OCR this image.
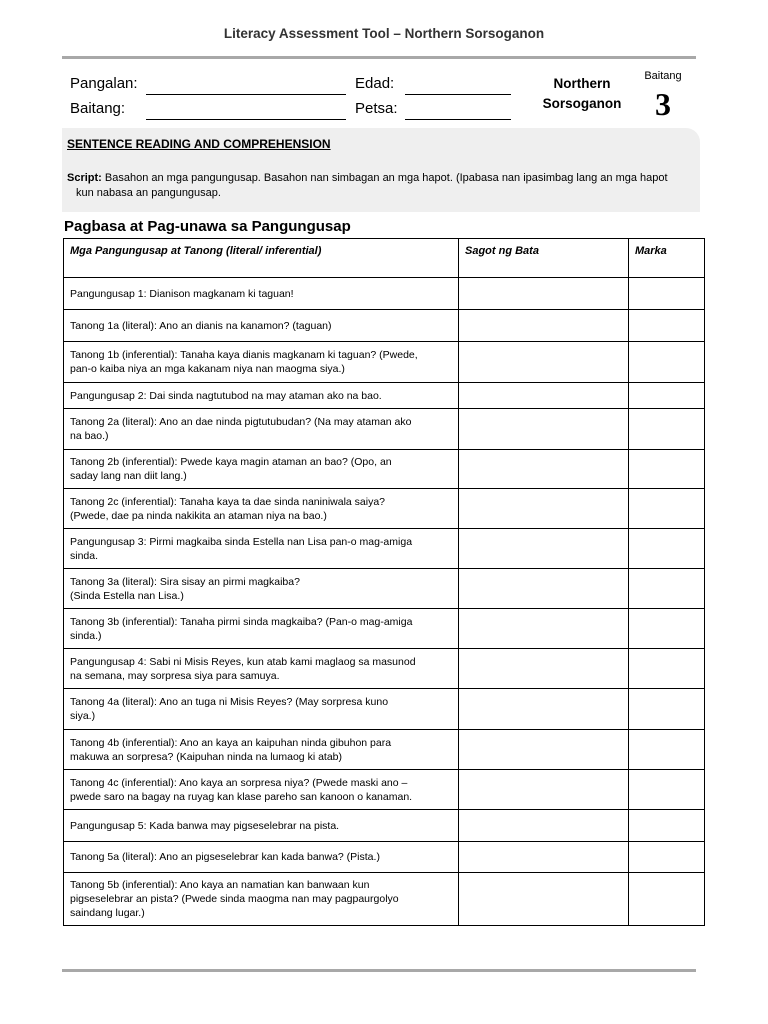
Literacy Assessment Tool – Northern Sorsoganon
Pangalan:	Edad:
Baitang:	Petsa:
Northern
Sorsoganon
Baitang
3
SENTENCE READING AND COMPREHENSION
Script: Basahon an mga pangungusap. Basahon nan simbagan an mga hapot. (Ipabasa nan ipasimbag lang an mga hapot
kun nabasa an pangungusap.
Pagbasa at Pag-unawa sa Pangungusap
Mga Pangungusap at Tanong (literal/ inferential)	Sagot ng Bata	Marka
Pangungusap 1: Dianison magkanam ki taguan!		
Tanong 1a (literal): Ano an dianis na kanamon? (taguan)		
Tanong 1b (inferential): Tanaha kaya dianis magkanam ki taguan? (Pwede,
pan-o kaiba niya an mga kakanam niya nan maogma siya.)		
Pangungusap 2: Dai sinda nagtutubod na may ataman ako na bao.		
Tanong 2a (literal): Ano an dae ninda pigtutubudan? (Na may ataman ako
na bao.)		
Tanong 2b (inferential): Pwede kaya magin ataman an bao? (Opo, an
saday lang nan diit lang.)		
Tanong 2c (inferential): Tanaha kaya ta dae sinda naniniwala saiya?
(Pwede, dae pa ninda nakikita an ataman niya na bao.)		
Pangungusap 3: Pirmi magkaiba sinda Estella nan Lisa pan-o mag-amiga
sinda.		
Tanong 3a (literal): Sira sisay an pirmi magkaiba?
(Sinda Estella nan Lisa.)		
Tanong 3b (inferential): Tanaha pirmi sinda magkaiba? (Pan-o mag-amiga
sinda.)		
Pangungusap 4: Sabi ni Misis Reyes, kun atab kami maglaog sa masunod
na semana, may sorpresa siya para samuya.		
Tanong 4a (literal): Ano an tuga ni Misis Reyes? (May sorpresa kuno
siya.)		
Tanong 4b (inferential): Ano an kaya an kaipuhan ninda gibuhon para
makuwa an sorpresa? (Kaipuhan ninda na lumaog ki atab)		
Tanong 4c (inferential): Ano kaya an sorpresa niya? (Pwede maski ano –
pwede saro na bagay na ruyag kan klase pareho san kanoon o kanaman.		
Pangungusap 5: Kada banwa may pigseselebrar na pista.		
Tanong 5a (literal): Ano an pigseselebrar kan kada banwa? (Pista.)		
Tanong 5b (inferential): Ano kaya an namatian kan banwaan kun
pigseselebrar an pista? (Pwede sinda maogma nan may pagpaurgolyo
saindang lugar.)		
